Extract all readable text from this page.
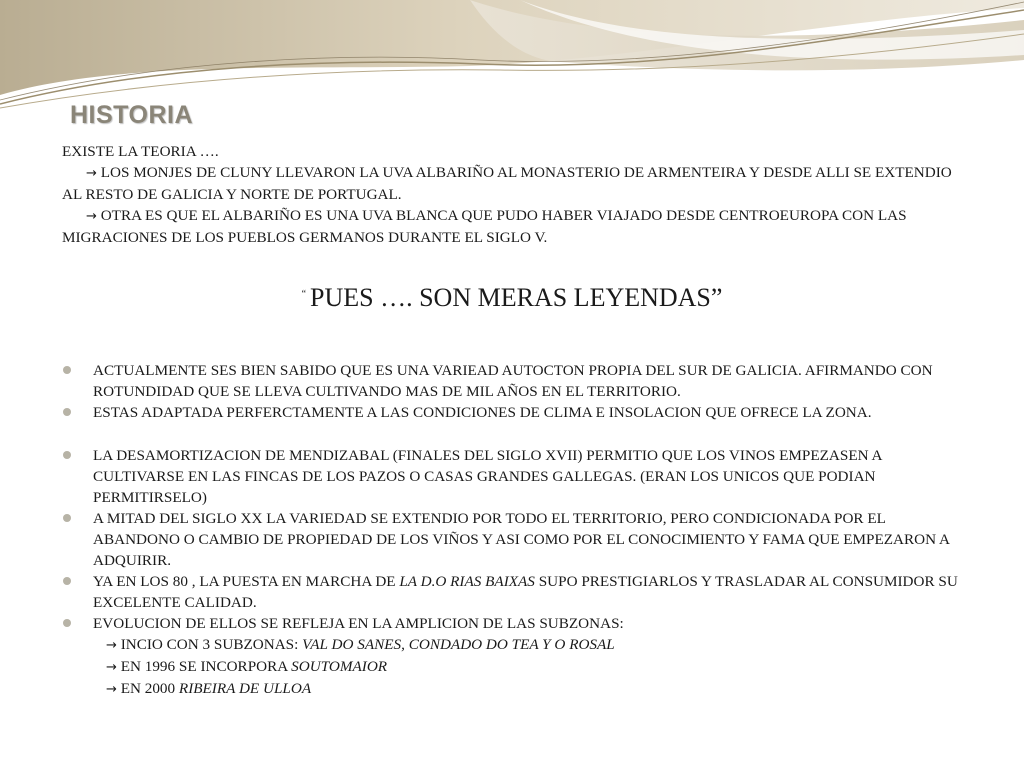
HISTORIA

EXISTE LA TEORIA ….

→ LOS MONJES DE CLUNY LLEVARON LA UVA ALBARIÑO AL MONASTERIO DE ARMENTEIRA Y DESDE ALLI SE EXTENDIO AL RESTO DE GALICIA Y NORTE DE PORTUGAL.

→ OTRA ES QUE EL ALBARIÑO ES UNA UVA BLANCA QUE PUDO HABER VIAJADO DESDE CENTROEUROPA CON LAS MIGRACIONES DE LOS PUEBLOS GERMANOS DURANTE EL SIGLO V.

“ PUES …. SON MERAS LEYENDAS”
ACTUALMENTE SES BIEN SABIDO QUE ES UNA VARIEAD AUTOCTON PROPIA DEL SUR DE GALICIA. AFIRMANDO CON ROTUNDIDAD QUE SE LLEVA CULTIVANDO MAS DE MIL AÑOS EN EL TERRITORIO.
ESTAS ADAPTADA PERFERCTAMENTE A LAS CONDICIONES DE CLIMA E INSOLACION QUE OFRECE LA ZONA.
LA DESAMORTIZACION DE MENDIZABAL (FINALES DEL SIGLO XVII) PERMITIO QUE LOS VINOS EMPEZASEN A CULTIVARSE EN LAS FINCAS DE LOS PAZOS O CASAS GRANDES GALLEGAS. (ERAN LOS UNICOS QUE PODIAN PERMITIRSELO)
A MITAD DEL SIGLO XX LA VARIEDAD SE EXTENDIO POR TODO EL TERRITORIO, PERO CONDICIONADA POR EL ABANDONO O CAMBIO DE PROPIEDAD DE LOS VIÑOS Y ASI COMO POR EL CONOCIMIENTO Y FAMA QUE EMPEZARON A ADQUIRIR.
YA EN LOS 80 , LA PUESTA EN MARCHA DE LA D.O RIAS BAIXAS SUPO PRESTIGIARLOS Y TRASLADAR AL CONSUMIDOR SU EXCELENTE CALIDAD.
EVOLUCION DE ELLOS SE REFLEJA EN LA AMPLICION DE LAS SUBZONAS:
→ INCIO CON 3 SUBZONAS: VAL DO SANES, CONDADO DO TEA Y O ROSAL
→ EN 1996 SE INCORPORA SOUTOMAIOR
→ EN 2000 RIBEIRA DE ULLOA
